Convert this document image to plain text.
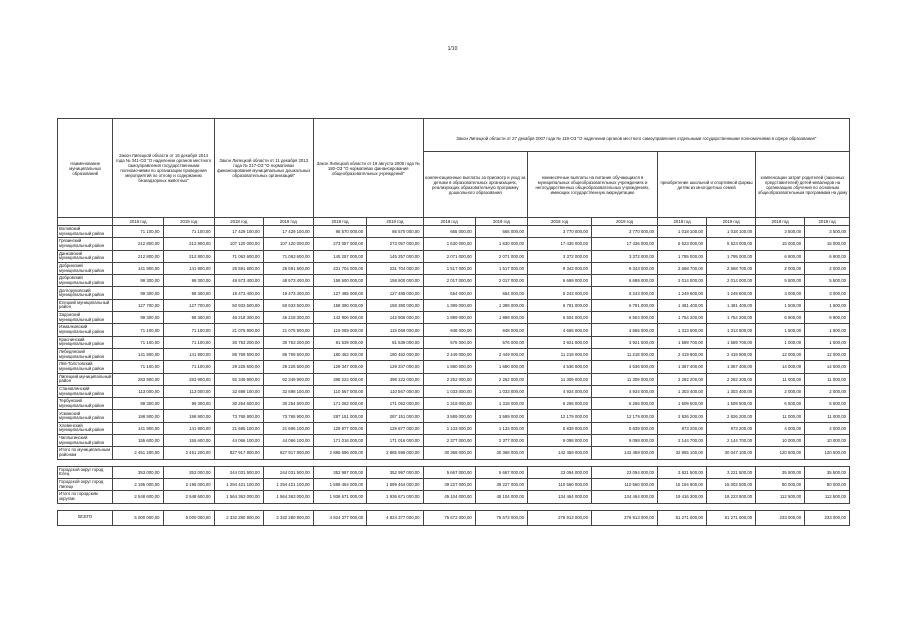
1/10
Наименование муниципальных образований	Закон Липецкой области от 15 декабря 2014 года № 341-ОЗ "О наделении органов местного самоуправления государственными полномочиями по организации проведения мероприятий по отлову и содержанию безнадзорных животных"		Закон Липецкой области от 11 декабря 2013 года № 217-ОЗ "О нормативах финансирования муниципальных дошкольных образовательных организаций"		Закон Липецкой области от 19 августа 2008 года № 180-ОЗ "О нормативах финансирования общеобразовательных учреждений"									
							Закон Липецкой области от 27 декабря 2007 года № 119-ОЗ "О наделении органов местного самоуправления отдельными государственными полномочиями в сфере образования"							
							компенсационные выплаты за присмотр и уход за детьми в образовательных организациях, реализующих образовательную программу дошкольного образования		ежемесячные выплаты на питание обучающихся в муниципальных общеобразовательных учреждениях и негосударственных общеобразовательных учреждениях, имеющих государственную аккредитацию		приобретение школьной и спортивной формы детям из многодетных семей		компенсации затрат родителей (законных представителей) детей-инвалидов на организацию обучения по основным общеобразовательным программам на дому	
	2018 год	2019 год	2018 год	2019 год	2018 год	2019 год	2018 год	2019 год	2018 год	2019 год	2018 год	2019 год	2018 год	2019 год
Воловский муниципальный район	71 100,00	71 100,00	17 429 100,00	17 429 100,00	86 570 000,00	86 570 000,00	665 000,00	665 000,00	3 770 000,00	3 770 000,00	1 018 100,00	1 018 100,00	3 500,00	3 500,00
Грязинский муниципальный район	212 800,00	212 800,00	107 120 000,00	107 120 000,00	273 057 000,00	273 057 000,00	1 630 000,00	1 630 000,00	17 436 000,00	17 436 000,00	5 523 000,00	5 523 000,00	15 000,00	15 000,00
Данковский муниципальный район	212 800,00	212 800,00	71 063 600,00	71 063 600,00	145 257 000,00	145 257 000,00	2 071 000,00	2 071 000,00	3 372 000,00	3 372 000,00	1 795 000,00	1 795 000,00	6 900,00	6 900,00
Добринский муниципальный район	141 900,00	141 900,00	25 591 600,00	25 591 600,00	231 704 000,00	231 704 000,00	1 517 000,00	1 517 000,00	9 343 000,00	9 343 000,00	2 668 700,00	2 668 700,00	2 000,00	2 000,00
Добровский муниципальный район	99 300,00	99 300,00	48 573 400,00	48 573 400,00	158 600 000,00	158 600 000,00	2 017 000,00	2 017 000,00	6 699 000,00	6 699 000,00	2 014 000,00	2 014 000,00	5 500,00	5 500,00
Долгоруковский муниципальный район	99 300,00	99 300,00	19 473 400,00	19 473 400,00	127 485 000,00	127 485 000,00	654 000,00	654 000,00	5 243 000,00	5 243 000,00	1 249 600,00	1 249 600,00	3 000,00	3 000,00
Елецкий муниципальный район	127 700,00	127 700,00	50 933 500,00	50 933 500,00	158 390 000,00	158 390 000,00	1 399 000,00	1 399 000,00	6 791 000,00	6 791 000,00	1 481 400,00	1 481 400,00	1 500,00	1 500,00
Задонский муниципальный район	99 300,00	99 300,00	46 218 300,00	46 218 300,00	142 906 000,00	142 906 000,00	1 999 000,00	1 999 000,00	6 504 000,00	6 504 000,00	1 754 200,00	1 754 200,00	6 900,00	6 900,00
Измалковский муниципальный район	71 100,00	71 100,00	21 075 900,00	21 075 900,00	115 069 000,00	115 069 000,00	948 000,00	948 000,00	4 665 000,00	4 665 000,00	1 313 600,00	1 313 600,00	1 500,00	1 500,00
Краснинский муниципальный район	71 100,00	71 100,00	30 753 200,00	30 753 200,00	81 539 000,00	81 539 000,00	576 000,00	576 000,00	3 921 000,00	3 921 000,00	1 589 700,00	1 589 700,00	1 000,00	1 000,00
Лебедянский муниципальный район	141 900,00	141 900,00	85 769 500,00	85 769 500,00	180 462 000,00	180 462 000,00	2 449 000,00	2 449 000,00	11 218 000,00	11 218 000,00	2 419 800,00	2 419 800,00	12 000,00	12 000,00
Лев-Толстовский муниципальный район	71 100,00	71 100,00	29 225 500,00	29 225 500,00	129 347 000,00	129 347 000,00	1 680 000,00	1 680 000,00	4 536 000,00	4 536 000,00	1 367 400,00	1 367 400,00	14 000,00	14 000,00
Липецкий муниципальный район	283 900,00	283 900,00	92 349 900,00	92 349 900,00	398 222 000,00	398 222 000,00	2 262 000,00	2 262 000,00	11 309 000,00	11 309 000,00	2 282 200,00	2 282 200,00	11 000,00	11 000,00
Становлянский муниципальный район	113 000,00	113 000,00	32 698 100,00	32 698 100,00	110 567 000,00	110 567 000,00	1 033 000,00	1 033 000,00	4 934 000,00	4 934 000,00	1 303 400,00	1 303 400,00	2 000,00	2 000,00
Тербунский муниципальный район	99 300,00	99 300,00	30 254 600,00	30 254 600,00	171 062 000,00	171 062 000,00	1 318 000,00	1 318 000,00	6 265 000,00	6 265 000,00	1 509 500,00	1 509 500,00	6 500,00	6 500,00
Усманский муниципальный район	198 900,00	198 900,00	73 765 900,00	73 765 900,00	287 151 000,00	287 151 000,00	3 589 000,00	3 589 000,00	12 179 000,00	12 179 000,00	2 826 200,00	2 826 200,00	11 000,00	11 000,00
Хлевенский муниципальный район	141 900,00	141 900,00	21 695 100,00	21 695 100,00	129 877 000,00	129 877 000,00	1 133 000,00	1 133 000,00	5 839 000,00	5 839 000,00	973 200,00	973 200,00	4 000,00	4 000,00
Чаплыгинский муниципальный район	155 600,00	155 600,00	44 066 100,00	44 066 100,00	171 016 000,00	171 016 000,00	2 377 000,00	2 377 000,00	9 098 000,00	9 098 000,00	2 144 700,00	2 144 700,00	10 000,00	10 000,00
Итого по муниципальным районам	2 451 200,00	2 451 200,00	827 917 800,00	827 917 800,00	2 885 596 000,00	2 885 596 000,00	30 368 000,00	30 368 000,00	142 459 000,00	142 459 000,00	32 855 100,00	30 047 100,00	120 500,00	120 500,00

Городской округ город Елец	353 000,00	353 000,00	244 031 500,00	244 031 500,00	352 997 000,00	352 997 000,00	5 667 000,00	5 667 000,00	23 094 000,00	23 094 000,00	3 821 500,00	3 221 500,00	35 500,00	35 500,00
Городской округ город Липецк	2 195 000,00	2 195 000,00	1 294 421 100,00	1 294 421 100,00	1 599 464 000,00	1 599 464 000,00	39 227 000,00	39 227 000,00	110 560 000,00	110 560 000,00	15 194 900,00	15 002 500,00	80 000,00	80 000,00
Итого по городским округам	2 548 600,00	2 548 600,00	1 564 363 000,00	1 564 363 000,00	1 936 671 000,00	1 936 671 000,00	45 104 000,00	45 104 000,00	134 464 000,00	134 464 000,00	19 416 300,00	19 223 500,00	112 500,00	112 500,00

ВСЕГО	5 000 000,00	5 000 000,00	2 332 280 800,00	2 332 280 800,00	4 824 377 000,00	4 824 377 000,00	75 672 000,00	75 672 000,00	276 913 000,00	276 913 000,00	51 271 000,00	51 271 000,00	233 000,00	233 000,00
